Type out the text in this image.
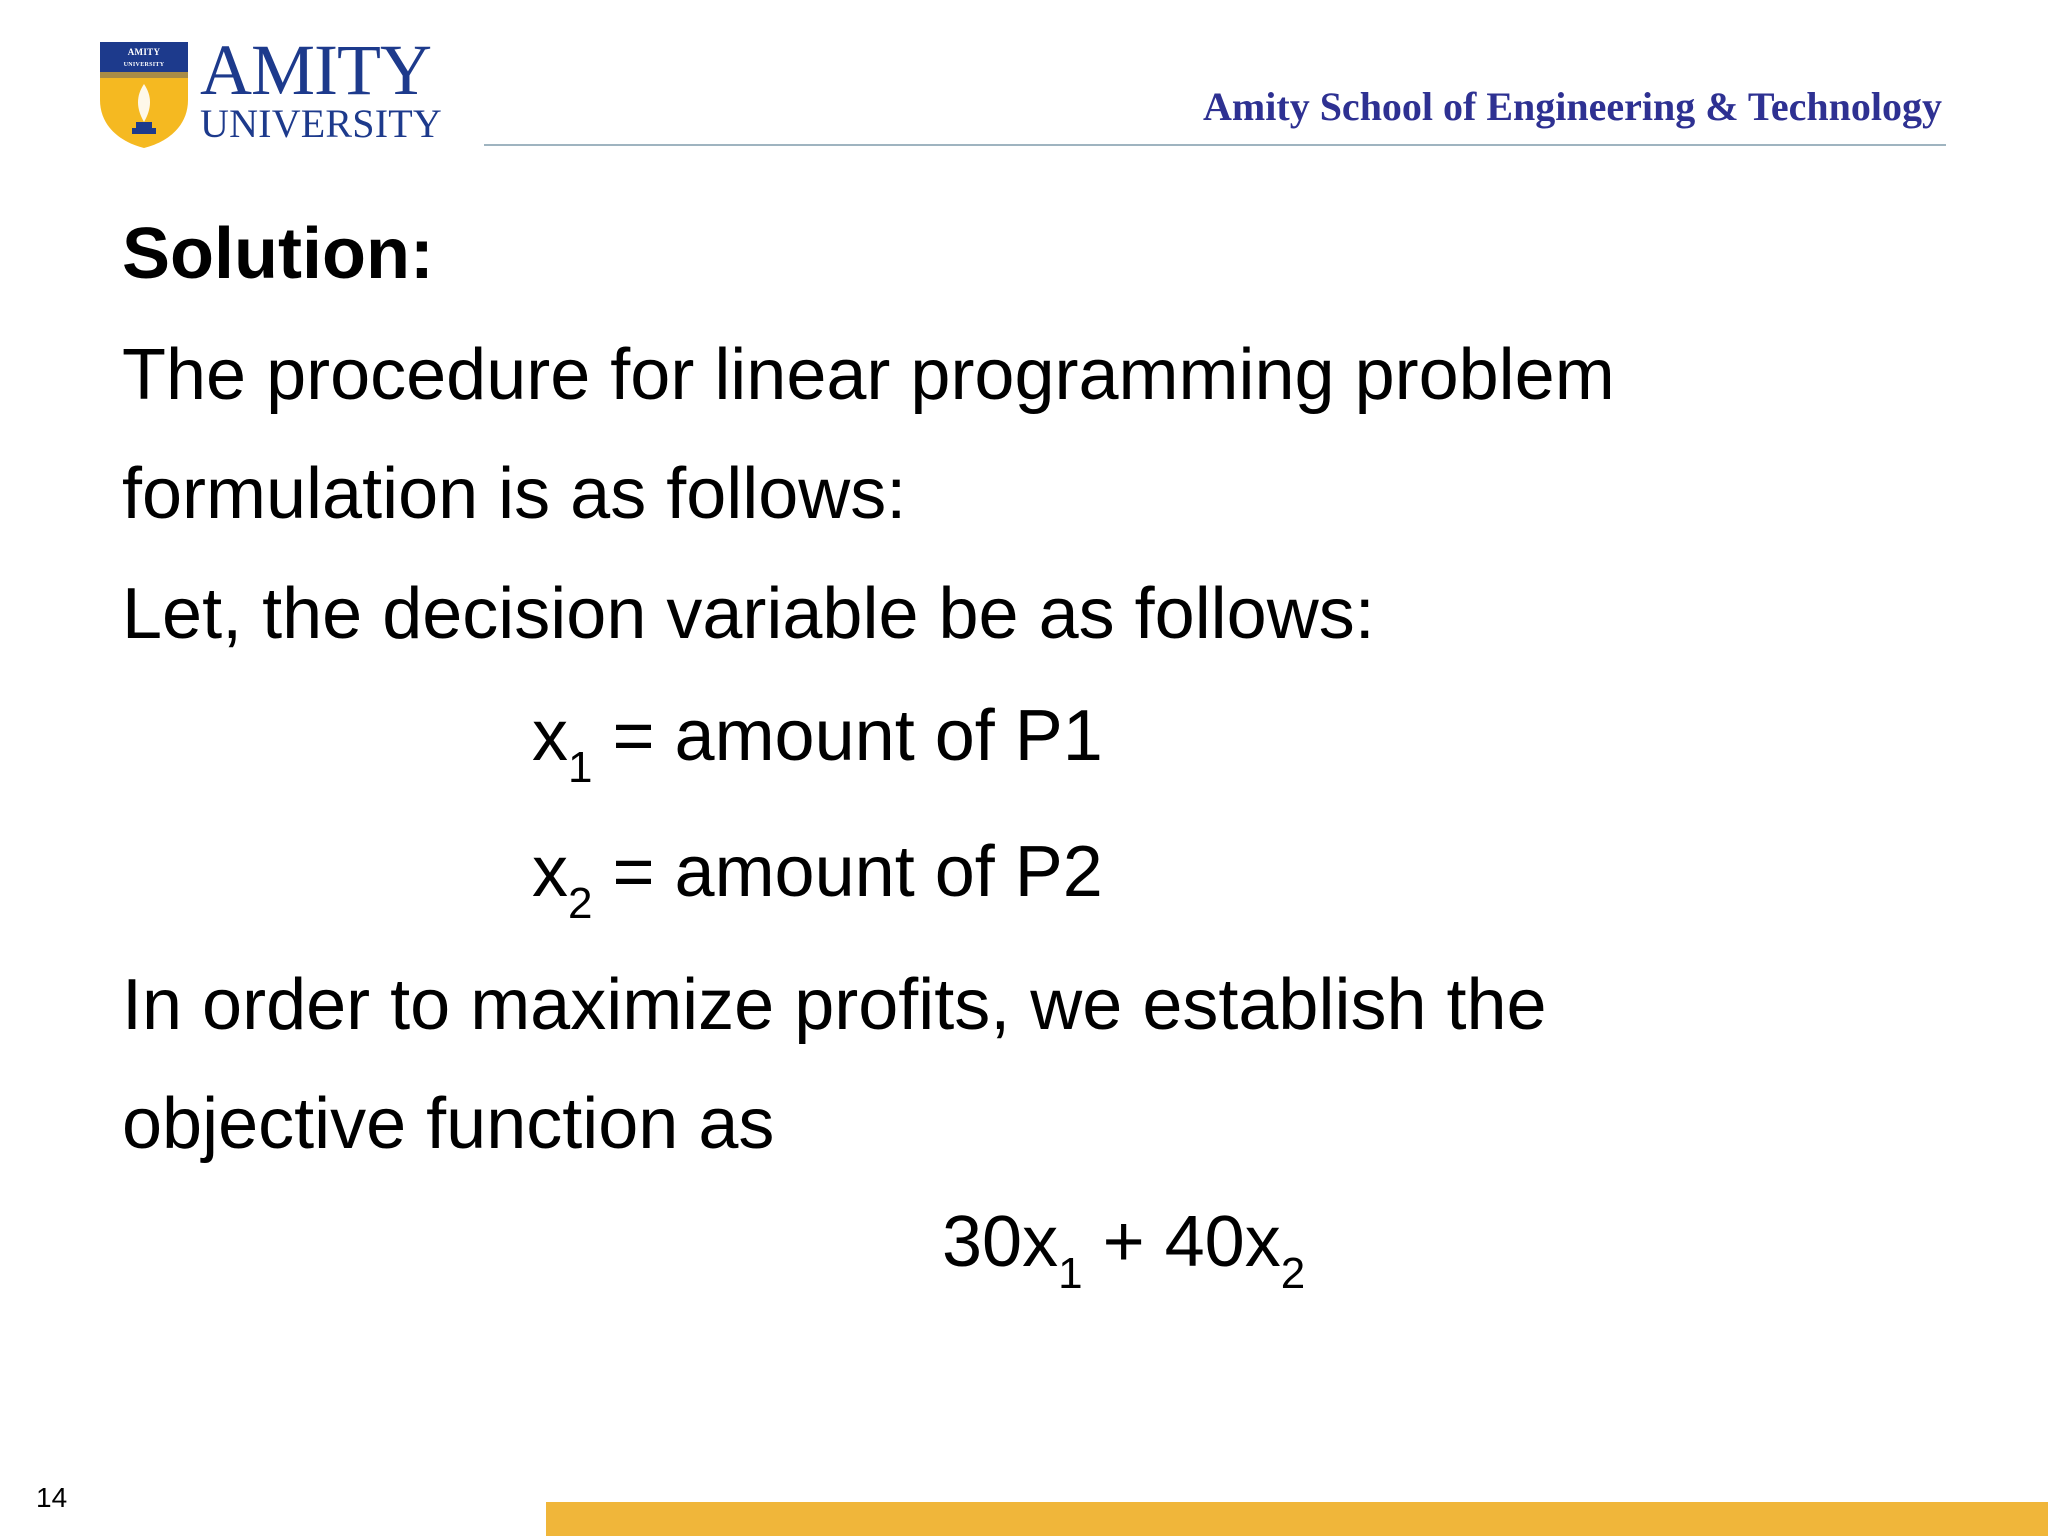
AMITY
UNIVERSITY AMITY
UNIVERSITY	Amity School of Engineering & Technology
Solution:
The procedure for linear programming problem
formulation is as follows:
Let, the decision variable be as follows:
$x_1$ = amount of P1
$x_2$ = amount of P2
In order to maximize profits, we establish the
objective function as
$30x_1 + 40x_2$
14
